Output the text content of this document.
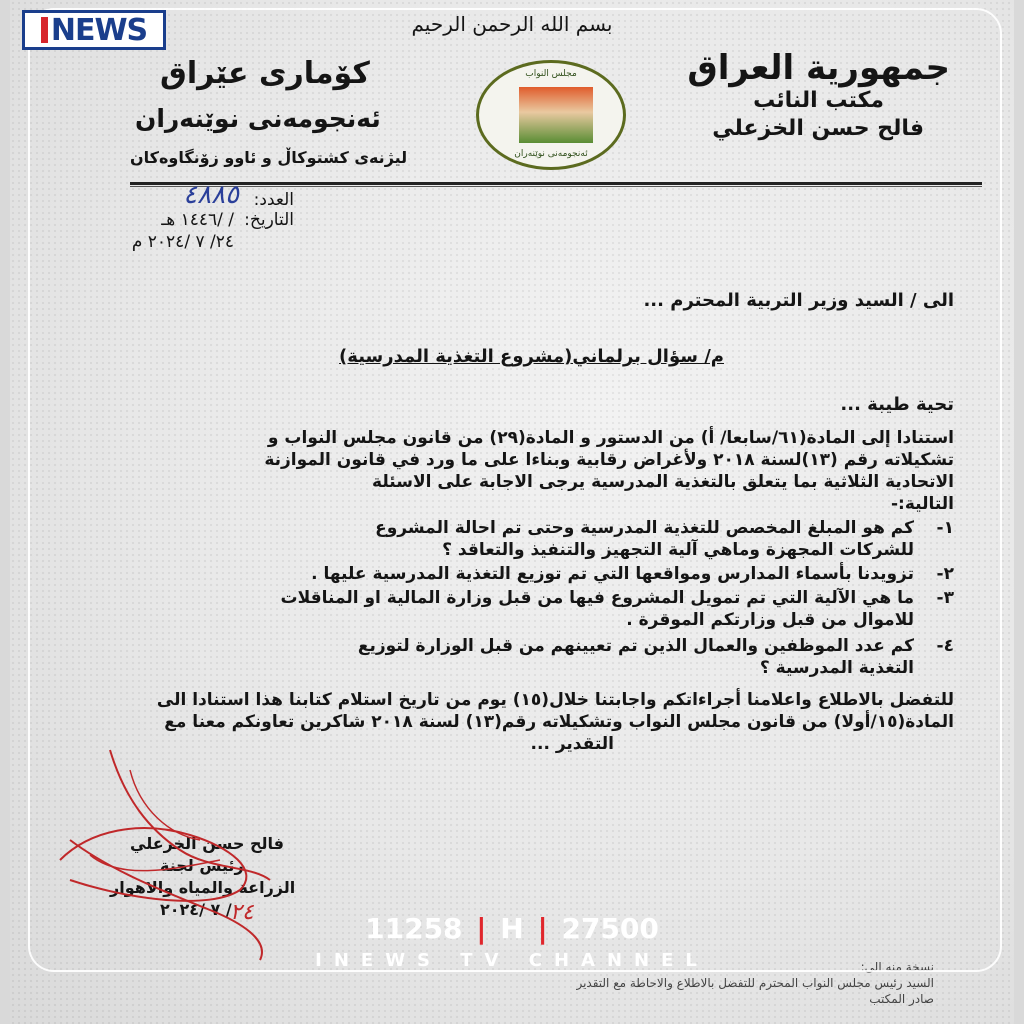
بسم الله الرحمن الرحيم
جمهورية العراق
مكتب النائب
فالح حسن الخزعلي
کۆماری عێراق
ئەنجومەنی نوێنەران
لیژنەی کشتوکاڵ و ئاوو زۆنگاوەکان
مجلس النواب
ئەنجومەنی نوێنەران
العدد:
٤٨٨٥
التاريخ:
/ /١٤٤٦ هـ
٢٤/ ٧ /٢٠٢٤ م
الى / السيد وزير التربية المحترم ...
م/ سؤال برلماني(مشروع التغذية المدرسية)
تحية طيبة ...
استنادا إلى المادة(٦١/سابعا/ أ) من الدستور و المادة(٢٩) من قانون مجلس النواب و
تشكيلاته رقم (١٣)لسنة ٢٠١٨ ولأغراض رقابية وبناءا على ما ورد في قانون الموازنة
الاتحادية الثلاثية بما يتعلق بالتغذية المدرسية يرجى الاجابة على الاسئلة
التالية:-
١-
كم هو المبلغ المخصص للتغذية المدرسية وحتى تم احالة المشروع
للشركات المجهزة وماهي آلية التجهيز والتنفيذ والتعاقد ؟
٢-
تزويدنا بأسماء المدارس ومواقعها التي تم توزيع التغذية المدرسية عليها .
٣-
ما هي الآلية التي تم تمويل المشروع فيها من قبل وزارة المالية او المناقلات
للاموال من قبل وزارتكم الموقرة .
٤-
كم عدد الموظفين والعمال الذين تم تعيينهم من قبل الوزارة لتوزيع
التغذية المدرسية ؟
للتفضل بالاطلاع واعلامنا أجراءاتكم واجابتنا خلال(١٥) يوم من تاريخ استلام كتابنا هذا استنادا الى
المادة(١٥/أولا) من قانون مجلس النواب وتشكيلاته رقم(١٣) لسنة ٢٠١٨ شاكرين تعاونكم معنا مع
التقدير ...
فالح حسن الخزعلي
رئيس لجنة
الزراعة والمياه والاهوار
/ ٧ /٢٠٢٤
٢٤
نسخة منه الى:
السيد رئيس مجلس النواب المحترم للتفضل بالاطلاع والاحاطة مع التقدير
صادر المكتب
NEWS
11258 | H | 27500
INEWS TV CHANNEL
